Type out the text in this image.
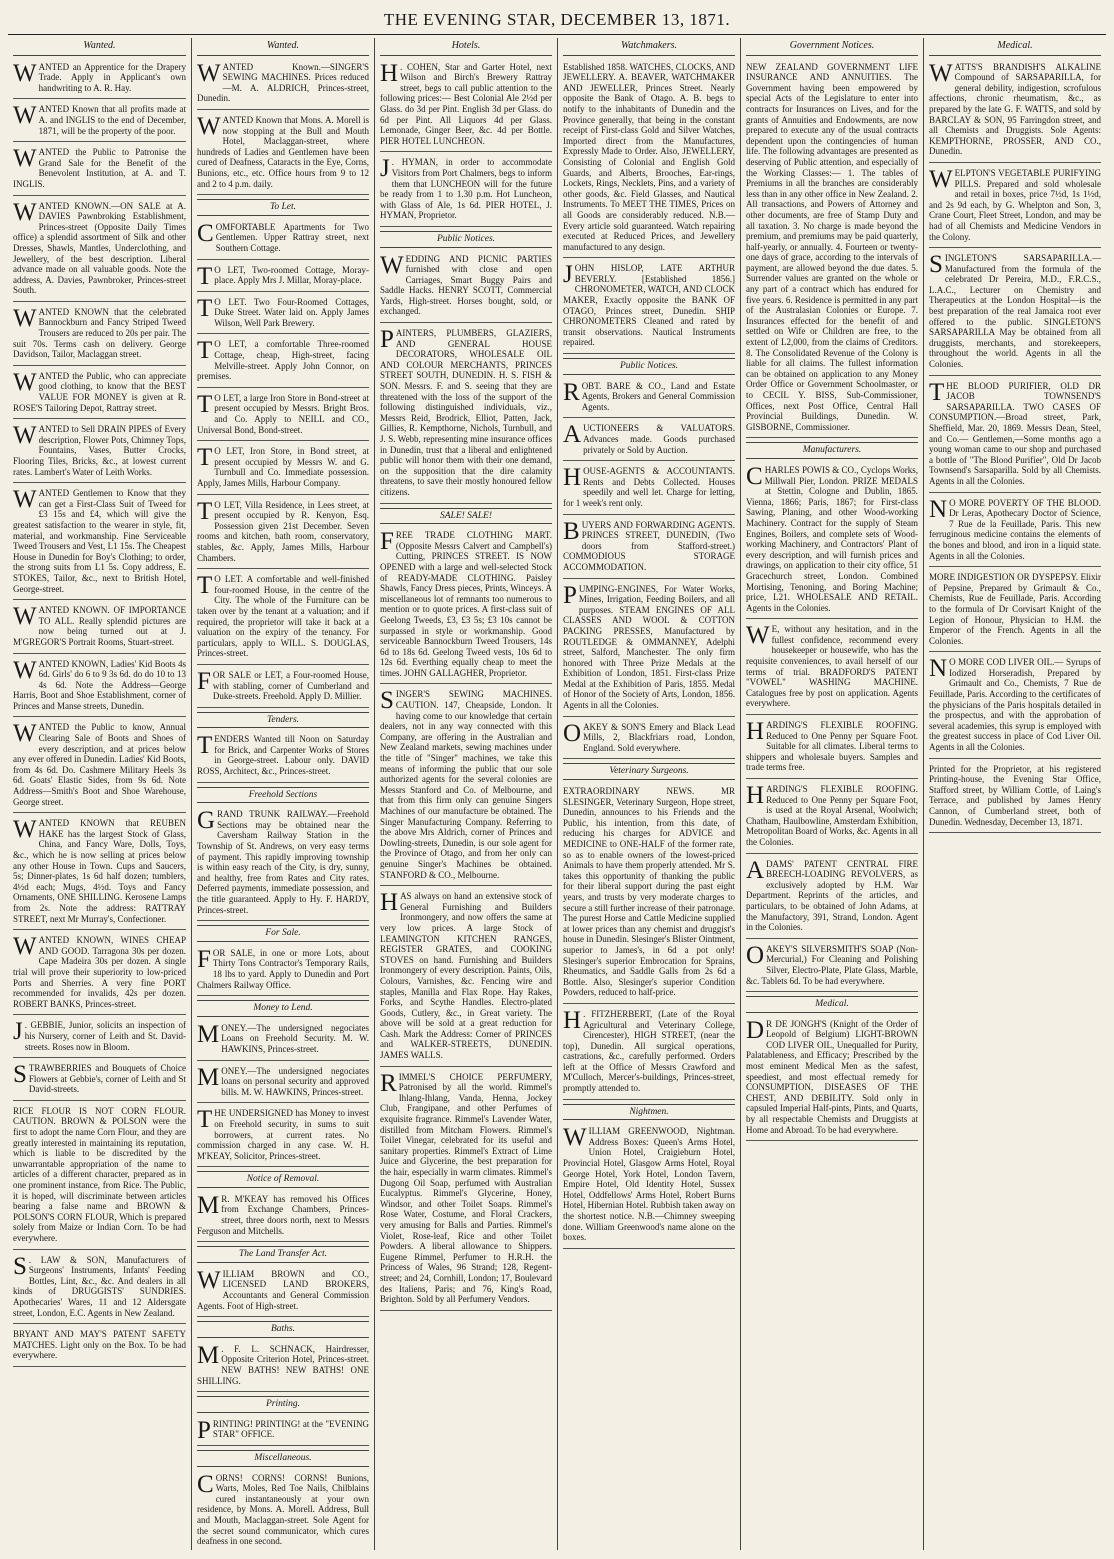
THE EVENING STAR, DECEMBER 13, 1871.
Wanted.
WANTED an Apprentice for the Drapery Trade. Apply in Applicant's own handwriting to A. R. Hay.
WANTED Known that all profits made at A. and INGLIS to the end of December, 1871, will be the property of the poor.
WANTED the Public to Patronise the Grand Sale for the Benefit of the Benevolent Institution, at A. and T. INGLIS.
WANTED KNOWN.—ON SALE at A. DAVIES Pawnbroking Establishment, Princes-street (Opposite Daily Times office) a splendid assortment of Silk and other Dresses, Shawls, Mantles, Underclothing, and Jewellery, of the best description. Liberal advance made on all valuable goods. Note the address, A. Davies, Pawnbroker, Princes-street South.
WANTED KNOWN that the celebrated Bannockburn and Fancy Striped Tweed Trousers are reduced to 20s per pair. The suit 70s. Terms cash on delivery. George Davidson, Tailor, Maclaggan street.
WANTED the Public, who can appreciate good clothing, to know that the BEST VALUE FOR MONEY is given at R. ROSE'S Tailoring Depot, Rattray street.
WANTED to Sell DRAIN PIPES of Every description, Flower Pots, Chimney Tops, Fountains, Vases, Butter Crocks, Flooring Tiles, Bricks, &c., at lowest current rates. Lambert's Water of Leith Works.
WANTED Gentlemen to Know that they can get a First-Class Suit of Tweed for £3 15s and £4, which will give the greatest satisfaction to the wearer in style, fit, material, and workmanship. Fine Serviceable Tweed Trousers and Vest, L1 15s. The Cheapest House in Dunedin for Boy's Clothing; to order, the strong suits from L1 5s. Copy address, E. STOKES, Tailor, &c., next to British Hotel, George-street.
WANTED KNOWN. OF IMPORTANCE TO ALL. Really splendid pictures are now being turned out at J. M'GREGOR'S Portrait Rooms, Stuart-street.
WANTED KNOWN, Ladies' Kid Boots 4s 6d. Girls' do 6 to 9 3s 6d. do do 10 to 13 4s 6d. Note the Address—George Harris, Boot and Shoe Establishment, corner of Princes and Manse streets, Dunedin.
WANTED the Public to know, Annual Clearing Sale of Boots and Shoes of every description, and at prices below any ever offered in Dunedin. Ladies' Kid Boots, from 4s 6d. Do. Cashmere Military Heels 3s 6d. Goats' Elastic Sides, from 9s 6d. Note Address—Smith's Boot and Shoe Warehouse, George street.
WANTED KNOWN that REUBEN HAKE has the largest Stock of Glass, China, and Fancy Ware, Dolls, Toys, &c., which he is now selling at prices below any other House in Town. Cups and Saucers, 5s; Dinner-plates, 1s 6d half dozen; tumblers, 4½d each; Mugs, 4½d. Toys and Fancy Ornaments, ONE SHILLING. Kerosene Lamps from 2s. Note the address: RATTRAY STREET, next Mr Murray's, Confectioner.
WANTED KNOWN, WINES CHEAP AND GOOD. Tarragona 30s per dozen. Cape Madeira 30s per dozen. A single trial will prove their superiority to low-priced Ports and Sherries. A very fine PORT recommended for invalids, 42s per dozen. ROBERT BANKS, Princes-street.
J . GEBBIE, Junior, solicits an inspection of his Nursery, corner of Leith and St. David-streets. Roses now in Bloom.
STRAWBERRIES and Bouquets of Choice Flowers at Gebbie's, corner of Leith and St David-streets.
RICE FLOUR IS NOT CORN FLOUR. CAUTION. BROWN & POLSON were the first to adopt the name Corn Flour, and they are greatly interested in maintaining its reputation, which is liable to be discredited by the unwarrantable appropriation of the name to articles of a different character, prepared as in one prominent instance, from Rice. The Public, it is hoped, will discriminate between articles bearing a false name and BROWN & POLSON'S CORN FLOUR, Which is prepared solely from Maize or Indian Corn. To be had everywhere.
S . LAW & SON, Manufacturers of Surgeons' Instruments, Infants' Feeding Bottles, Lint, &c., &c. And dealers in all kinds of DRUGGISTS' SUNDRIES. Apothecaries' Wares, 11 and 12 Aldersgate street, London, E.C. Agents in New Zealand.
BRYANT AND MAY'S PATENT SAFETY MATCHES. Light only on the Box. To be had everywhere.
Wanted.
WANTED Known.—SINGER'S SEWING MACHINES. Prices reduced—M. A. ALDRICH, Princes-street, Dunedin.
WANTED Known that Mons. A. Morell is now stopping at the Bull and Mouth Hotel, Maclaggan-street, where hundreds of Ladies and Gentlemen have been cured of Deafness, Cataracts in the Eye, Corns, Bunions, etc., etc. Office hours from 9 to 12 and 2 to 4 p.m. daily.
To Let.
COMFORTABLE Apartments for Two Gentlemen. Upper Rattray street, next Southern Cottage.
T O LET, Two-roomed Cottage, Moray-place. Apply Mrs J. Millar, Moray-place.
T O LET. Two Four-Roomed Cottages, Duke Street. Water laid on. Apply James Wilson, Well Park Brewery.
T O LET, a comfortable Three-roomed Cottage, cheap, High-street, facing Melville-street. Apply John Connor, on premises.
T O LET, a large Iron Store in Bond-street at present occupied by Messrs. Bright Bros. and Co. Apply to NEILL and CO., Universal Bond, Bond-street.
T O LET, Iron Store, in Bond street, at present occupied by Messrs W. and G. Turnbull and Co. Immediate possession. Apply, James Mills, Harbour Company.
T O LET, Villa Residence, in Lees street, at present occupied by R. Kenyon, Esq. Possession given 21st December. Seven rooms and kitchen, bath room, conservatory, stables, &c. Apply, James Mills, Harbour Chambers.
T O LET. A comfortable and well-finished four-roomed House, in the centre of the City. The whole of the Furniture can be taken over by the tenant at a valuation; and if required, the proprietor will take it back at a valuation on the expiry of the tenancy. For particulars, apply to WILL. S. DOUGLAS, Princes-street.
FOR SALE or LET, a Four-roomed House, with stabling, corner of Cumberland and Duke-streets. Freehold. Apply D. Millier.
Tenders.
TENDERS Wanted till Noon on Saturday for Brick, and Carpenter Works of Stores in George-street. Labour only. DAVID ROSS, Architect, &c., Princes-street.
Freehold Sections
GRAND TRUNK RAILWAY.—Freehold Sections may be obtained near the Caversham Railway Station in the Township of St. Andrews, on very easy terms of payment. This rapidly improving township is within easy reach of the City, is dry, sunny, and healthy, free from Rates and City rates. Deferred payments, immediate possession, and the title guaranteed. Apply to Hy. F. HARDY, Princes-street.
For Sale.
FOR SALE, in one or more Lots, about Thirty Tons Contractor's Temporary Rails, 18 lbs to yard. Apply to Dunedin and Port Chalmers Railway Office.
Money to Lend.
MONEY.—The undersigned negociates Loans on Freehold Security. M. W. HAWKINS, Princes-street.
MONEY.—The undersigned negociates loans on personal security and approved bills. M. W. HAWKINS, Princes-street.
THE UNDERSIGNED has Money to invest on Freehold security, in sums to suit borrowers, at current rates. No commission charged in any case. W. H. M'KEAY, Solicitor, Princes-street.
Notice of Removal.
M R. M'KEAY has removed his Offices from Exchange Chambers, Princes-street, three doors north, next to Messrs Ferguson and Mitchells.
The Land Transfer Act.
WILLIAM BROWN and CO., LICENSED LAND BROKERS, Accountants and General Commission Agents. Foot of High-street.
Baths.
M . F. L. SCHNACK, Hairdresser, Opposite Criterion Hotel, Princes-street. NEW BATHS! NEW BATHS! ONE SHILLING.
Printing.
PRINTING! PRINTING! at the "EVENING STAR" OFFICE.
Miscellaneous.
CORNS! CORNS! CORNS! Bunions, Warts, Moles, Red Toe Nails, Chilblains cured instantaneously at your own residence, by Mons. A. Morell. Address, Bull and Mouth, Maclaggan-street. Sole Agent for the secret sound communicator, which cures deafness in one second.
Hotels.
H . COHEN, Star and Garter Hotel, next Wilson and Birch's Brewery Rattray street, begs to call public attention to the following prices:— Best Colonial Ale 2½d per Glass. do 3d per Pint. English 3d per Glass. do 6d per Pint. All Liquors 4d per Glass. Lemonade, Ginger Beer, &c. 4d per Bottle. PIER HOTEL LUNCHEON.
J . HYMAN, in order to accommodate Visitors from Port Chalmers, begs to inform them that LUNCHEON will for the future be ready from 1 to 1.30 p.m. Hot Luncheon, with Glass of Ale, 1s 6d. PIER HOTEL, J. HYMAN, Proprietor.
Public Notices.
WEDDING AND PICNIC PARTIES furnished with close and open Carriages, Smart Buggy Pairs and Saddle Hacks. HENRY SCOTT, Commercial Yards, High-street. Horses bought, sold, or exchanged.
PAINTERS, PLUMBERS, GLAZIERS, AND GENERAL HOUSE DECORATORS, WHOLESALE OIL AND COLOUR MERCHANTS, PRINCES STREET SOUTH, DUNEDIN. H. S. FISH & SON. Messrs. F. and S. seeing that they are threatened with the loss of the support of the following distinguished individuals, viz., Messrs Reid, Brodrick, Elliot, Patten, Jack, Gillies, R. Kempthorne, Nichols, Turnbull, and J. S. Webb, representing mine insurance offices in Dunedin, trust that a liberal and enlightened public will honor them with their one demand, on the supposition that the dire calamity threatens, to save their mostly honoured fellow citizens.
SALE! SALE!
FREE TRADE CLOTHING MART. (Opposite Messrs Calvert and Campbell's) Cutting, PRINCES STREET. IS NOW OPENED with a large and well-selected Stock of READY-MADE CLOTHING. Paisley Shawls, Fancy Dress pieces, Prints, Winceys. A miscellaneous lot of remnants too numerous to mention or to quote prices. A first-class suit of Geelong Tweeds, £3, £3 5s; £3 10s cannot be surpassed in style or workmanship. Good serviceable Bannockburn Tweed Trousers, 14s 6d to 18s 6d. Geelong Tweed vests, 10s 6d to 12s 6d. Everthing equally cheap to meet the times. JOHN GALLAGHER, Proprietor.
SINGER'S SEWING MACHINES. CAUTION. 147, Cheapside, London. It having come to our knowledge that certain dealers, not in any way connected with this Company, are offering in the Australian and New Zealand markets, sewing machines under the title of "Singer" machines, we take this means of informing the public that our sole authorized agents for the several colonies are Messrs Stanford and Co. of Melbourne, and that from this firm only can genuine Singers Machines of our manufacture be obtained. The Singer Manufacturing Company. Referring to the above Mrs Aldrich, corner of Princes and Dowling-streets, Dunedin, is our sole agent for the Province of Otago, and from her only can genuine Singer's Machines be obtained. STANFORD & CO., Melbourne.
HAS always on hand an extensive stock of General Furnishing and Builders Ironmongery, and now offers the same at very low prices. A large Stock of LEAMINGTON KITCHEN RANGES, REGISTER GRATES, and COOKING STOVES on hand. Furnishing and Builders Ironmongery of every description. Paints, Oils, Colours, Varnishes, &c. Fencing wire and staples, Manilla and Flax Rope. Hay Rakes, Forks, and Scythe Handles. Electro-plated Goods, Cutlery, &c., in Great variety. The above will be sold at a great reduction for Cash. Mark the Address: Corner of PRINCES and WALKER-STREETS, DUNEDIN. JAMES WALLS.
RIMMEL'S CHOICE PERFUMERY, Patronised by all the world. Rimmel's Ihlang-Ihlang, Vanda, Henna, Jockey Club, Frangipane, and other Perfumes of exquisite fragrance. Rimmel's Lavender Water, distilled from Mitcham Flowers. Rimmel's Toilet Vinegar, celebrated for its useful and sanitary properties. Rimmel's Extract of Lime Juice and Glycerine, the best preparation for the hair, especially in warm climates. Rimmel's Dugong Oil Soap, perfumed with Australian Eucalyptus. Rimmel's Glycerine, Honey, Windsor, and other Toilet Soaps. Rimmel's Rose Water, Costume, and Floral Crackers, very amusing for Balls and Parties. Rimmel's Violet, Rose-leaf, Rice and other Toilet Powders. A liberal allowance to Shippers. Eugene Rimmel, Perfumer to H.R.H. the Princess of Wales, 96 Strand; 128, Regent-street; and 24, Cornhill, London; 17, Boulevard des Italiens, Paris; and 76, King's Road, Brighton. Sold by all Perfumery Vendors.
Watchmakers.
Established 1858. WATCHES, CLOCKS, AND JEWELLERY. A. BEAVER, WATCHMAKER AND JEWELLER, Princes Street. Nearly opposite the Bank of Otago. A. B. begs to notify to the inhabitants of Dunedin and the Province generally, that being in the constant receipt of First-class Gold and Silver Watches, Imported direct from the Manufactures, Expressly Made to Order. Also, JEWELLERY, Consisting of Colonial and English Gold Guards, and Alberts, Brooches, Ear-rings, Lockets, Rings, Necklets, Pins, and a variety of other goods, &c. Field Glasses, and Nautical Instruments. To MEET THE TIMES, Prices on all Goods are considerably reduced. N.B.—Every article sold guaranteed. Watch repairing executed at Reduced Prices, and Jewellery manufactured to any design.
JOHN HISLOP, LATE ARTHUR BEVERLY. [Established 1856.] CHRONOMETER, WATCH, AND CLOCK MAKER, Exactly opposite the BANK OF OTAGO, Princes street, Dunedin. SHIP CHRONOMETERS Cleaned and rated by transit observations. Nautical Instruments repaired.
Public Notices.
ROBT. BARE & CO., Land and Estate Agents, Brokers and General Commission Agents.
AUCTIONEERS & VALUATORS. Advances made. Goods purchased privately or Sold by Auction.
HOUSE-AGENTS & ACCOUNTANTS. Rents and Debts Collected. Houses speedily and well let. Charge for letting, for 1 week's rent only.
BUYERS AND FORWARDING AGENTS. PRINCES STREET, DUNEDIN, (Two doors from Stafford-street.) COMMODIOUS STORAGE ACCOMMODATION.
PUMPING-ENGINES, For Water Works, Mines, Irrigation, Feeding Boilers, and all purposes. STEAM ENGINES OF ALL CLASSES AND WOOL & COTTON PACKING PRESSES, Manufactured by ROUTLEDGE & OMMANNEY, Adelphi street, Salford, Manchester. The only firm honored with Three Prize Medals at the Exhibition of London, 1851. First-class Prize Medal at the Exhibition of Paris, 1855. Medal of Honor of the Society of Arts, London, 1856. Agents in all the Colonies.
OAKEY & SON'S Emery and Black Lead Mills, 2, Blackfriars road, London, England. Sold everywhere.
Veterinary Surgeons.
EXTRAORDINARY NEWS. MR SLESINGER, Veterinary Surgeon, Hope street, Dunedin, announces to his Friends and the Public, his intention, from this date, of reducing his charges for ADVICE and MEDICINE to ONE-HALF of the former rate, so as to enable owners of the lowest-priced Animals to have them properly attended. Mr S. takes this opportunity of thanking the public for their liberal support during the past eight years, and trusts by very moderate charges to secure a still further increase of their patronage. The purest Horse and Cattle Medicine supplied at lower prices than any chemist and druggist's house in Dunedin. Slesinger's Blister Ointment, superior to James's, in 6d a pot only! Slesinger's superior Embrocation for Sprains, Rheumatics, and Saddle Galls from 2s 6d a Bottle. Also, Slesinger's superior Condition Powders, reduced to half-price.
H . FITZHERBERT, (Late of the Royal Agricultural and Veterinary College, Cirencester), HIGH STREET, (near the top), Dunedin. All surgical operations, castrations, &c., carefully performed. Orders left at the Office of Messrs Crawford and M'Culloch, Mercer's-buildings, Princes-street, promptly attended to.
Nightmen.
WILLIAM GREENWOOD, Nightman. Address Boxes: Queen's Arms Hotel, Union Hotel, Craigieburn Hotel, Provincial Hotel, Glasgow Arms Hotel, Royal George Hotel, York Hotel, London Tavern, Empire Hotel, Old Identity Hotel, Sussex Hotel, Oddfellows' Arms Hotel, Robert Burns Hotel, Hibernian Hotel. Rubbish taken away on the shortest notice. N.B.—Chimney sweeping done. William Greenwood's name alone on the boxes.
Government Notices.
NEW ZEALAND GOVERNMENT LIFE INSURANCE AND ANNUITIES. The Government having been empowered by special Acts of the Legislature to enter into contracts for Insurances on Lives, and for the grants of Annuities and Endowments, are now prepared to execute any of the usual contracts dependent upon the contingencies of human life. The following advantages are presented as deserving of Public attention, and especially of the Working Classes:— 1. The tables of Premiums in all the branches are considerably less than in any other office in New Zealand. 2. All transactions, and Powers of Attorney and other documents, are free of Stamp Duty and all taxation. 3. No charge is made beyond the premium, and premiums may be paid quarterly, half-yearly, or annually. 4. Fourteen or twenty-one days of grace, according to the intervals of payment, are allowed beyond the due dates. 5. Surrender values are granted on the whole or any part of a contract which has endured for five years. 6. Residence is permitted in any part of the Australasian Colonies or Europe. 7. Insurances effected for the benefit of and settled on Wife or Children are free, to the extent of L2,000, from the claims of Creditors. 8. The Consolidated Revenue of the Colony is liable for all claims. The fullest information can be obtained on application to any Money Order Office or Government Schoolmaster, or to CECIL Y. BISS, Sub-Commissioner, Offices, next Post Office, Central Hall Provincial Buildings, Dunedin. W. GISBORNE, Commissioner.
Manufacturers.
CHARLES POWIS & CO., Cyclops Works, Millwall Pier, London. PRIZE MEDALS at Stettin, Cologne and Dublin, 1865. Vienna, 1866; Paris, 1867; for First-class Sawing, Planing, and other Wood-working Machinery. Contract for the supply of Steam Engines, Boilers, and complete sets of Wood-working Machinery, and Contractors' Plant of every description, and will furnish prices and drawings, on application to their city office, 51 Gracechurch street, London. Combined Mortising, Tenoning, and Boring Machine; price, L21. WHOLESALE AND RETAIL. Agents in the Colonies.
W E, without any hesitation, and in the fullest confidence, recommend every housekeeper or housewife, who has the requisite conveniences, to avail herself of our terms of trial. BRADFORD'S PATENT "VOWEL" WASHING MACHINE. Catalogues free by post on application. Agents everywhere.
HARDING'S FLEXIBLE ROOFING. Reduced to One Penny per Square Foot. Suitable for all climates. Liberal terms to shippers and wholesale buyers. Samples and trade terms free.
HARDING'S FLEXIBLE ROOFING. Reduced to One Penny per Square Foot, is used at the Royal Arsenal, Woolwich; Chatham, Haulbowline, Amsterdam Exhibition, Metropolitan Board of Works, &c. Agents in all the Colonies.
ADAMS' PATENT CENTRAL FIRE BREECH-LOADING REVOLVERS, as exclusively adopted by H.M. War Department. Reprints of the articles, and particulars, to be obtained of John Adams, at the Manufactory, 391, Strand, London. Agent in the Colonies.
OAKEY'S SILVERSMITH'S SOAP (Non-Mercurial,) For Cleaning and Polishing Silver, Electro-Plate, Plate Glass, Marble, &c. Tablets 6d. To be had everywhere.
Medical.
D R DE JONGH'S (Knight of the Order of Leopold of Belgium) LIGHT-BROWN COD LIVER OIL, Unequalled for Purity, Palatableness, and Efficacy; Prescribed by the most eminent Medical Men as the safest, speediest, and most effectual remedy for CONSUMPTION, DISEASES OF THE CHEST, AND DEBILITY. Sold only in capsuled Imperial Half-pints, Pints, and Quarts, by all respectable Chemists and Druggists at Home and Abroad. To be had everywhere.
Medical.
WATTS'S BRANDISH'S ALKALINE Compound of SARSAPARILLA, for general debility, indigestion, scrofulous affections, chronic rheumatism, &c., as prepared by the late G. F. WATTS, and sold by BARCLAY & SON, 95 Farringdon street, and all Chemists and Druggists. Sole Agents: KEMPTHORNE, PROSSER, AND CO., Dunedin.
WELPTON'S VEGETABLE PURIFYING PILLS. Prepared and sold wholesale and retail in boxes, price 7½d, 1s 1½d, and 2s 9d each, by G. Whelpton and Son, 3, Crane Court, Fleet Street, London, and may be had of all Chemists and Medicine Vendors in the Colony.
SINGLETON'S SARSAPARILLA.—Manufactured from the formula of the celebrated Dr Pereira, M.D., F.R.C.S., L.A.C., Lecturer on Chemistry and Therapeutics at the London Hospital—is the best preparation of the real Jamaica root ever offered to the public. SINGLETON'S SARSAPARILLA May be obtained from all druggists, merchants, and storekeepers, throughout the world. Agents in all the Colonies.
THE BLOOD PURIFIER, OLD DR JACOB TOWNSEND'S SARSAPARILLA. TWO CASES OF CONSUMPTION.—Broad street, Park, Sheffield, Mar. 20, 1869. Messrs Dean, Steel, and Co.— Gentlemen,—Some months ago a young woman came to our shop and purchased a bottle of "The Blood Purifier", Old Dr Jacob Townsend's Sarsaparilla. Sold by all Chemists. Agents in all the Colonies.
N O MORE POVERTY OF THE BLOOD. Dr Leras, Apothecary Doctor of Science, 7 Rue de la Feuillade, Paris. This new ferruginous medicine contains the elements of the bones and blood, and iron in a liquid state. Agents in all the Colonies.
MORE INDIGESTION OR DYSPEPSY. Elixir of Pepsine, Prepared by Grimault & Co., Chemists, Rue de Feuillade, Paris. According to the formula of Dr Corvisart Knight of the Legion of Honour, Physician to H.M. the Emperor of the French. Agents in all the Colonies.
N O MORE COD LIVER OIL.— Syrups of Iodized Horseradish, Prepared by Grimault and Co., Chemists, 7 Rue de Feuillade, Paris. According to the certificates of the physicians of the Paris hospitals detailed in the prospectus, and with the approbation of several academies, this syrup is employed with the greatest success in place of Cod Liver Oil. Agents in all the Colonies.
Printed for the Proprietor, at his registered Printing-house, the Evening Star Office, Stafford street, by William Cottle, of Laing's Terrace, and published by James Henry Cannon, of Cumberland street, both of Dunedin. Wednesday, December 13, 1871.
